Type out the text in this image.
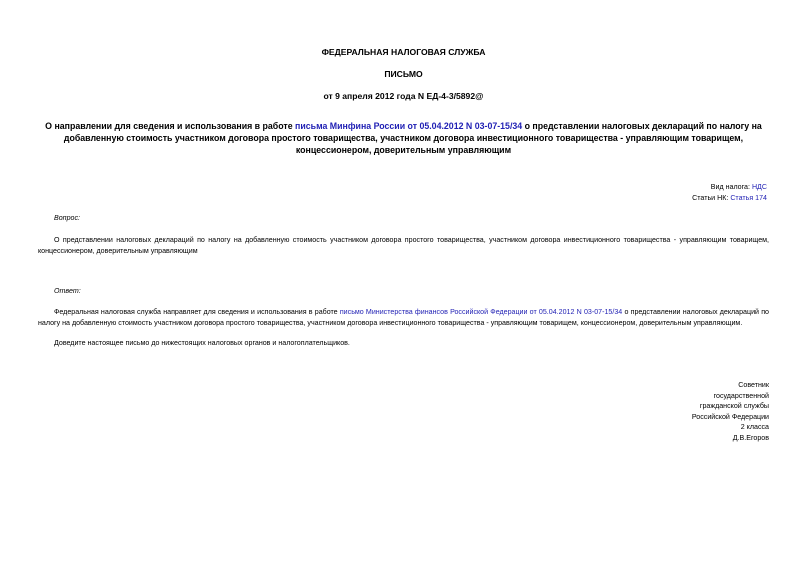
ФЕДЕРАЛЬНАЯ НАЛОГОВАЯ СЛУЖБА
ПИСЬМО
от 9 апреля 2012 года N ЕД-4-3/5892@
О направлении для сведения и использования в работе письма Минфина России от 05.04.2012 N 03-07-15/34 о представлении налоговых деклараций по налогу на добавленную стоимость участником договора простого товарищества, участником договора инвестиционного товарищества - управляющим товарищем, концессионером, доверительным управляющим
Вид налога: НДС
Статьи НК: Статья 174
Вопрос:
О представлении налоговых деклараций по налогу на добавленную стоимость участником договора простого товарищества, участником договора инвестиционного товарищества - управляющим товарищем, концессионером, доверительным управляющим
Ответ:
Федеральная налоговая служба направляет для сведения и использования в работе письмо Министерства финансов Российской Федерации от 05.04.2012 N 03-07-15/34 о представлении налоговых деклараций по налогу на добавленную стоимость участником договора простого товарищества, участником договора инвестиционного товарищества - управляющим товарищем, концессионером, доверительным управляющим.
Доведите настоящее письмо до нижестоящих налоговых органов и налогоплательщиков.
Советник
государственной
гражданской службы
Российской Федерации
2 класса
Д.В.Егоров
